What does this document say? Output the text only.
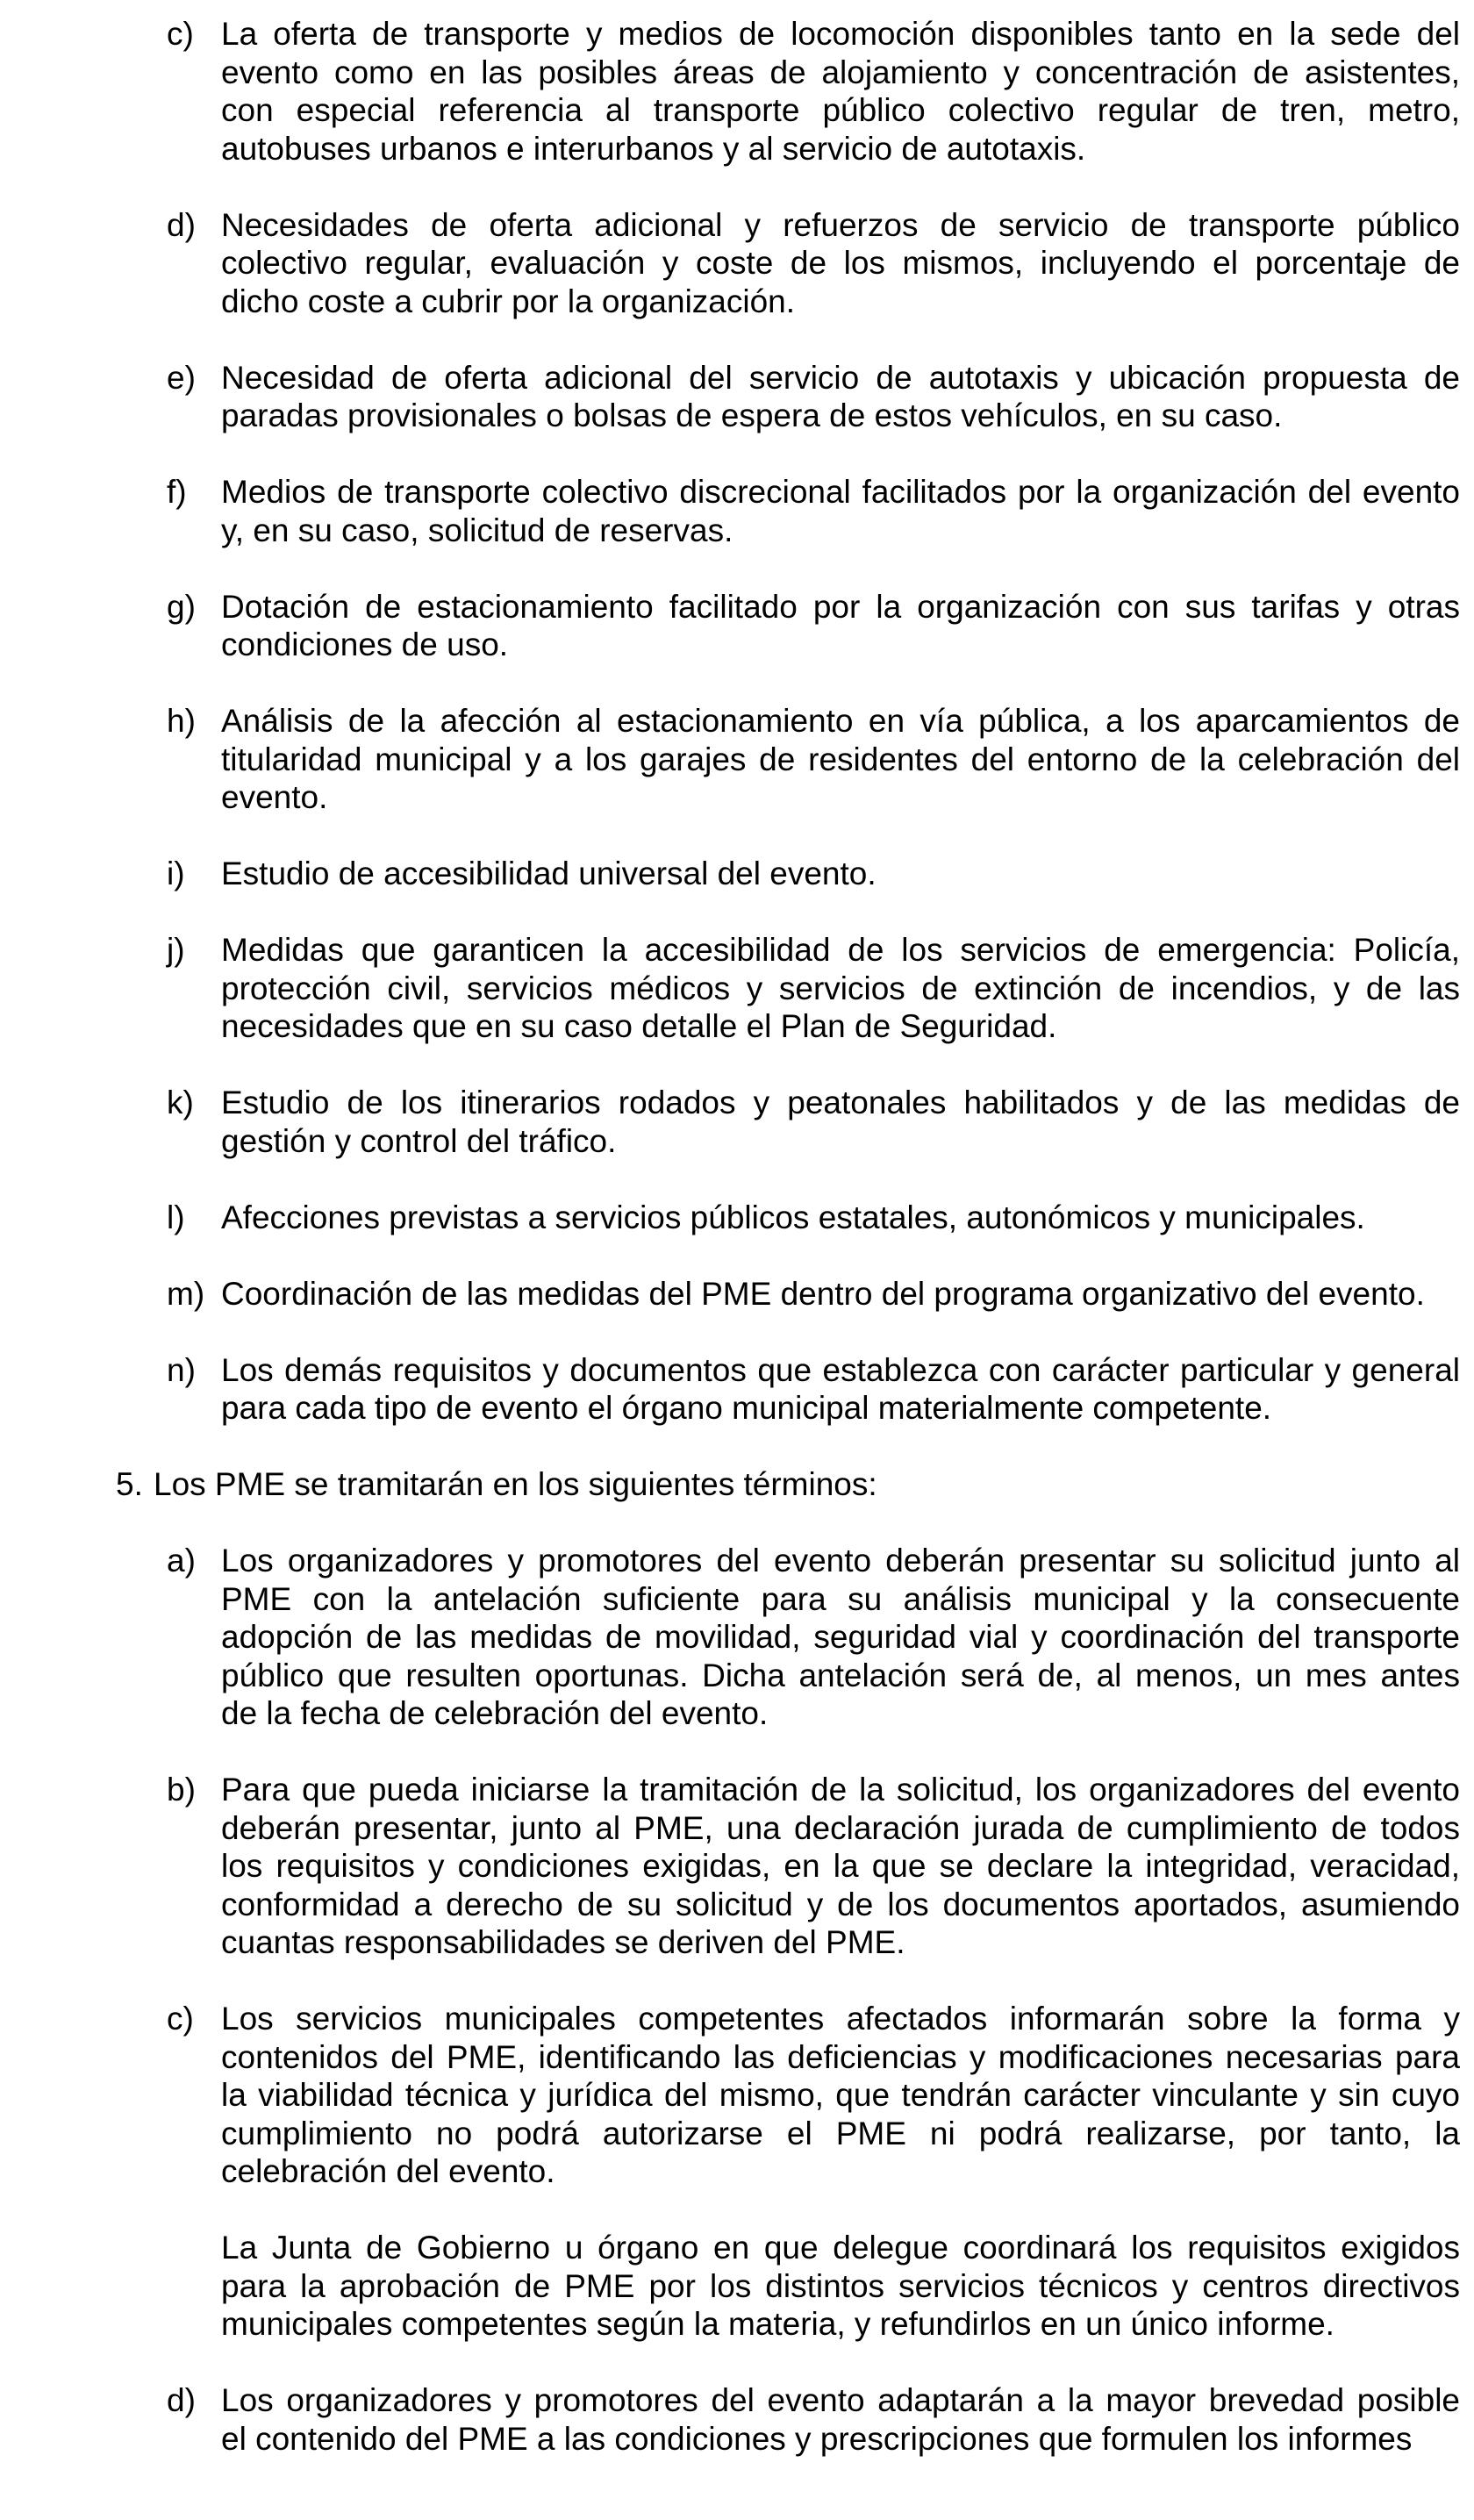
c) La oferta de transporte y medios de locomoción disponibles tanto en la sede del
evento como en las posibles áreas de alojamiento y concentración de asistentes,
con especial referencia al transporte público colectivo regular de tren, metro,
autobuses urbanos e interurbanos y al servicio de autotaxis.
d) Necesidades de oferta adicional y refuerzos de servicio de transporte público
colectivo regular, evaluación y coste de los mismos, incluyendo el porcentaje de
dicho coste a cubrir por la organización.
e) Necesidad de oferta adicional del servicio de autotaxis y ubicación propuesta de
paradas provisionales o bolsas de espera de estos vehículos, en su caso.
f)	Medios de transporte colectivo discrecional facilitados por la organización del evento
y, en su caso, solicitud de reservas.
g) Dotación de estacionamiento facilitado por la organización con sus tarifas y otras
condiciones de uso.
h) Análisis de la afección al estacionamiento en vía pública, a los aparcamientos de
titularidad municipal y a los garajes de residentes del entorno de la celebración del
evento.
i)	Estudio de accesibilidad universal del evento.
j)	Medidas que garanticen la accesibilidad de los servicios de emergencia: Policía,
protección civil, servicios médicos y servicios de extinción de incendios, y de las
necesidades que en su caso detalle el Plan de Seguridad.
k) Estudio de los itinerarios rodados y peatonales habilitados y de las medidas de
gestión y control del tráfico.
l)	Afecciones previstas a servicios públicos estatales, autonómicos y municipales.
m) Coordinación de las medidas del PME dentro del programa organizativo del evento.
n) Los demás requisitos y documentos que establezca con carácter particular y general
para cada tipo de evento el órgano municipal materialmente competente.
5. Los PME se tramitarán en los siguientes términos:
a) Los organizadores y promotores del evento deberán presentar su solicitud junto al
PME con la antelación suficiente para su análisis municipal y la consecuente
adopción de las medidas de movilidad, seguridad vial y coordinación del transporte
público que resulten oportunas. Dicha antelación será de, al menos, un mes antes
de la fecha de celebración del evento.
b) Para que pueda iniciarse la tramitación de la solicitud, los organizadores del evento
deberán presentar, junto al PME, una declaración jurada de cumplimiento de todos
los requisitos y condiciones exigidas, en la que se declare la integridad, veracidad,
conformidad a derecho de su solicitud y de los documentos aportados, asumiendo
cuantas responsabilidades se deriven del PME.
c) Los servicios municipales competentes afectados informarán sobre la forma y
contenidos del PME, identificando las deficiencias y modificaciones necesarias para
la viabilidad técnica y jurídica del mismo, que tendrán carácter vinculante y sin cuyo
cumplimiento no podrá autorizarse el PME ni podrá realizarse, por tanto, la
celebración del evento.
La Junta de Gobierno u órgano en que delegue coordinará los requisitos exigidos
para la aprobación de PME por los distintos servicios técnicos y centros directivos
municipales competentes según la materia, y refundirlos en un único informe.
d) Los organizadores y promotores del evento adaptarán a la mayor brevedad posible
el contenido del PME a las condiciones y prescripciones que formulen los informes
